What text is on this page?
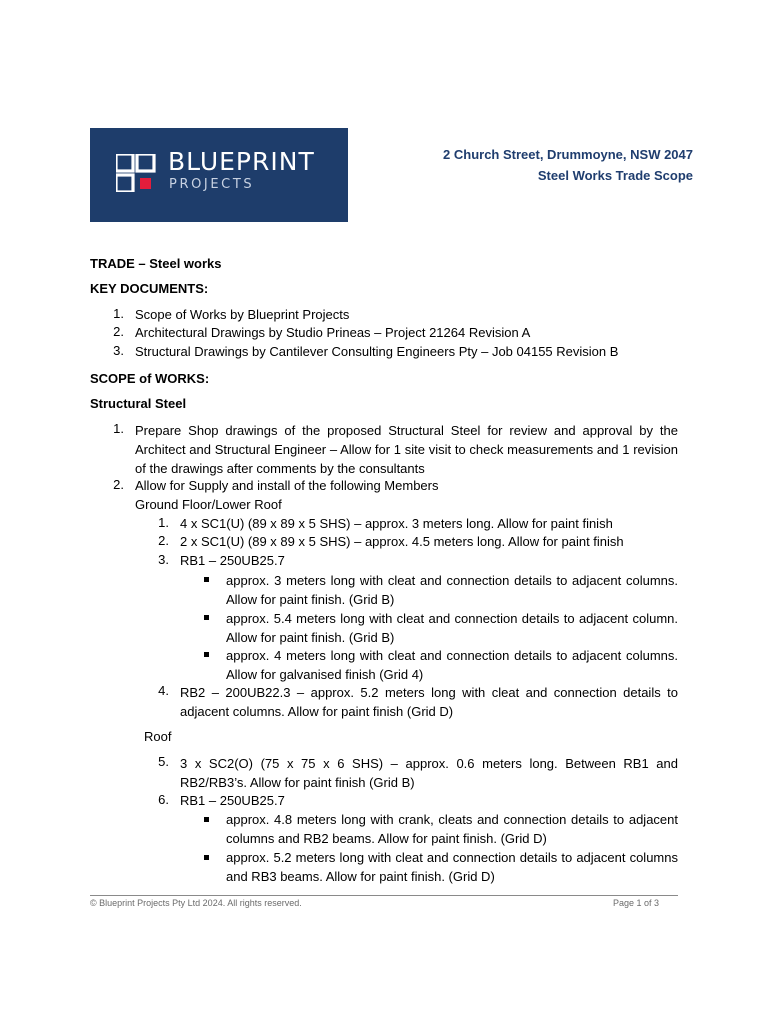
BLUEPRINT
PROJECTS
2 Church Street, Drummoyne, NSW 2047
Steel Works Trade Scope
TRADE – Steel works
KEY DOCUMENTS:
1. Scope of Works by Blueprint Projects
2. Architectural Drawings by Studio Prineas – Project 21264 Revision A
3. Structural Drawings by Cantilever Consulting Engineers Pty – Job 04155 Revision B
SCOPE of WORKS:
Structural Steel
1. Prepare Shop drawings of the proposed Structural Steel for review and approval by the Architect and Structural Engineer – Allow for 1 site visit to check measurements and 1 revision of the drawings after comments by the consultants
2. Allow for Supply and install of the following Members
Ground Floor/Lower Roof
1. 4 x SC1(U) (89 x 89 x 5 SHS) – approx. 3 meters long. Allow for paint finish
2. 2 x SC1(U) (89 x 89 x 5 SHS) – approx. 4.5 meters long. Allow for paint finish
3. RB1 – 250UB25.7
approx. 3 meters long with cleat and connection details to adjacent columns. Allow for paint finish. (Grid B)
approx. 5.4 meters long with cleat and connection details to adjacent column. Allow for paint finish. (Grid B)
approx. 4 meters long with cleat and connection details to adjacent columns. Allow for galvanised finish (Grid 4)
4. RB2 – 200UB22.3 – approx. 5.2 meters long with cleat and connection details to adjacent columns. Allow for paint finish (Grid D)
Roof
5. 3 x SC2(O) (75 x 75 x 6 SHS) – approx. 0.6 meters long. Between RB1 and RB2/RB3’s. Allow for paint finish (Grid B)
6. RB1 – 250UB25.7
approx. 4.8 meters long with crank, cleats and connection details to adjacent columns and RB2 beams. Allow for paint finish. (Grid D)
approx. 5.2 meters long with cleat and connection details to adjacent columns and RB3 beams. Allow for paint finish. (Grid D)
© Blueprint Projects Pty Ltd 2024. All rights reserved.	Page 1 of 3
